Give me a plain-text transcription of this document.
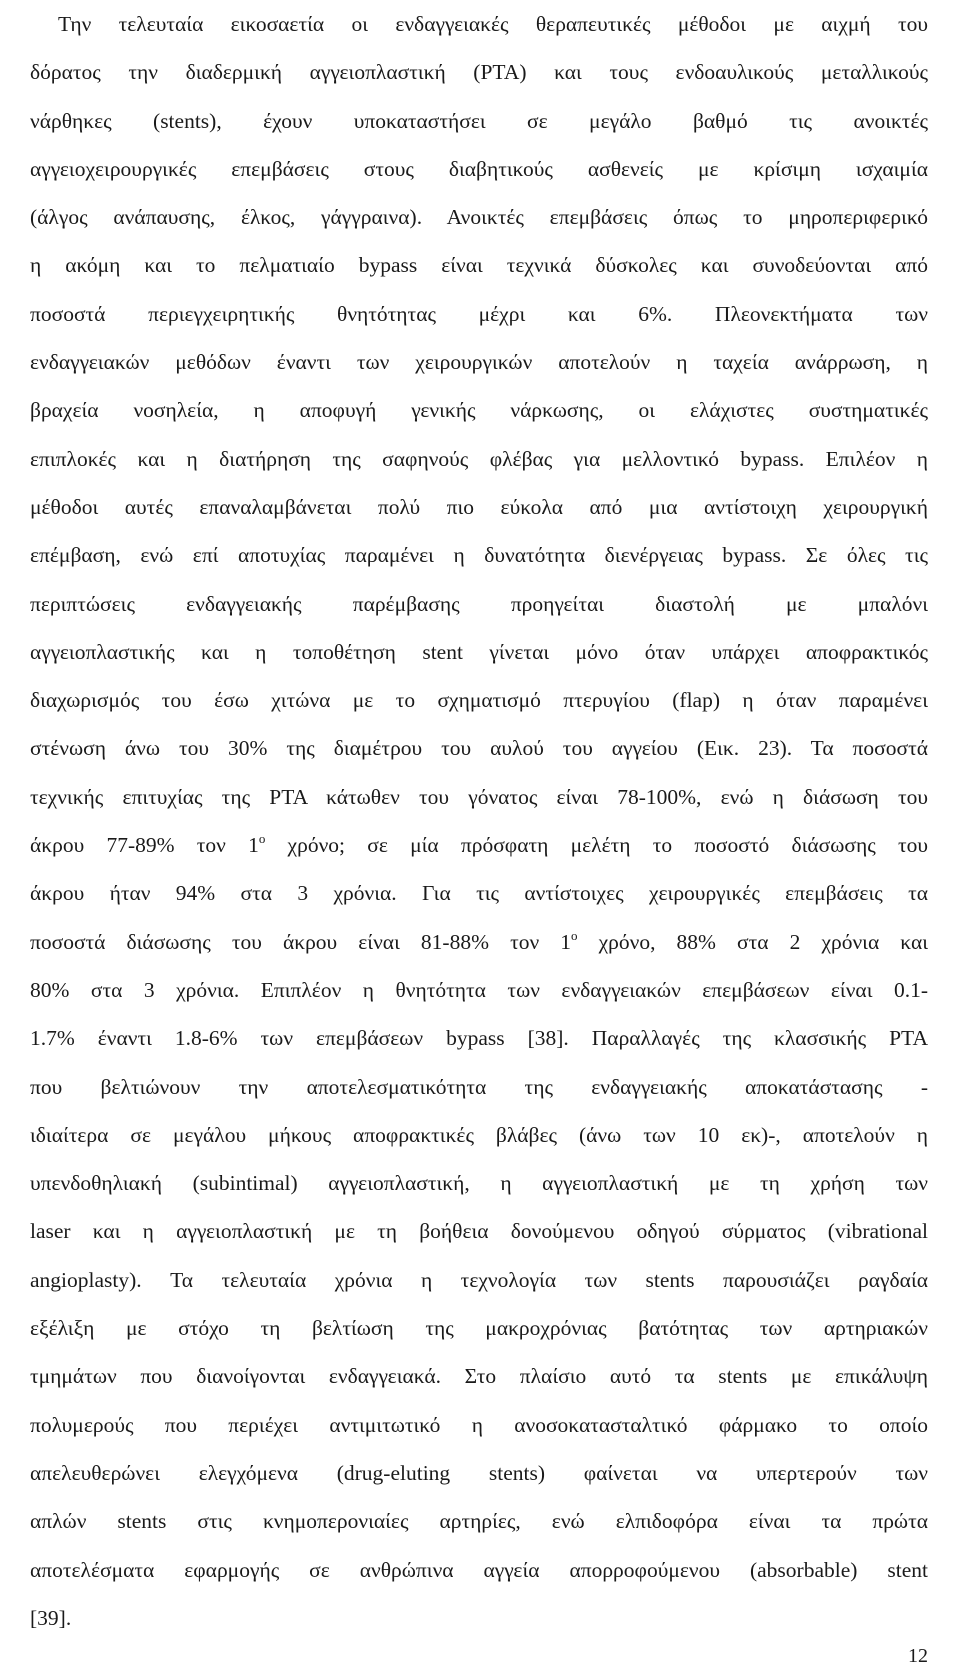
Την τελευταία εικοσαετία οι ενδαγγειακές θεραπευτικές μέθοδοι με αιχμή του
δόρατος την διαδερμική αγγειοπλαστική (PTA) και τους ενδοαυλικούς μεταλλικούς
νάρθηκες (stents), έχουν υποκαταστήσει σε μεγάλο βαθμό τις ανοικτές
αγγειοχειρουργικές επεμβάσεις στους διαβητικούς ασθενείς με κρίσιμη ισχαιμία
(άλγος ανάπαυσης, έλκος, γάγγραινα). Ανοικτές επεμβάσεις όπως το μηροπεριφερικό
η ακόμη και το πελματιαίο bypass είναι τεχνικά δύσκολες και συνοδεύονται από
ποσοστά περιεγχειρητικής θνητότητας μέχρι και 6%. Πλεονεκτήματα των
ενδαγγειακών μεθόδων έναντι των χειρουργικών αποτελούν η ταχεία ανάρρωση, η
βραχεία νοσηλεία, η αποφυγή γενικής νάρκωσης, οι ελάχιστες συστηματικές
επιπλοκές και η διατήρηση της σαφηνούς φλέβας για μελλοντικό bypass. Επιλέον η
μέθοδοι αυτές επαναλαμβάνεται πολύ πιο εύκολα από μια αντίστοιχη χειρουργική
επέμβαση, ενώ επί αποτυχίας παραμένει η δυνατότητα διενέργειας bypass. Σε όλες τις
περιπτώσεις ενδαγγειακής παρέμβασης προηγείται διαστολή με μπαλόνι
αγγειοπλαστικής και η τοποθέτηση stent γίνεται μόνο όταν υπάρχει αποφρακτικός
διαχωρισμός του έσω χιτώνα με το σχηματισμό πτερυγίου (flap) η όταν παραμένει
στένωση άνω του 30% της διαμέτρου του αυλού του αγγείου (Εικ. 23). Τα ποσοστά
τεχνικής επιτυχίας της PTA κάτωθεν του γόνατος είναι 78-100%, ενώ η διάσωση του
άκρου 77-89% τον $1^o$ χρόνο; σε μία πρόσφατη μελέτη το ποσοστό διάσωσης του
άκρου ήταν 94% στα 3 χρόνια. Για τις αντίστοιχες χειρουργικές επεμβάσεις τα
ποσοστά διάσωσης του άκρου είναι 81-88% τον $1^o$ χρόνο, 88% στα 2 χρόνια και
80% στα 3 χρόνια. Επιπλέον η θνητότητα των ενδαγγειακών επεμβάσεων είναι 0.1-
1.7% έναντι 1.8-6% των επεμβάσεων bypass [38]. Παραλλαγές της κλασσικής PTA
που βελτιώνουν την αποτελεσματικότητα της ενδαγγειακής αποκατάστασης -
ιδιαίτερα σε μεγάλου μήκους αποφρακτικές βλάβες (άνω των 10 εκ)-, αποτελούν η
υπενδοθηλιακή (subintimal) αγγειοπλαστική, η αγγειοπλαστική με τη χρήση των
laser και η αγγειοπλαστική με τη βοήθεια δονούμενου οδηγού σύρματος (vibrational
angioplasty). Τα τελευταία χρόνια η τεχνολογία των stents παρουσιάζει ραγδαία
εξέλιξη με στόχο τη βελτίωση της μακροχρόνιας βατότητας των αρτηριακών
τμημάτων που διανοίγονται ενδαγγειακά. Στο πλαίσιο αυτό τα stents με επικάλυψη
πολυμερούς που περιέχει αντιμιτωτικό η ανοσοκατασταλτικό φάρμακο το οποίο
απελευθερώνει ελεγχόμενα (drug-eluting stents) φαίνεται να υπερτερούν των
απλών stents στις κνημοπερονιαίες αρτηρίες, ενώ ελπιδοφόρα είναι τα πρώτα
αποτελέσματα εφαρμογής σε ανθρώπινα αγγεία απορροφούμενου (absorbable) stent
[39].
12
